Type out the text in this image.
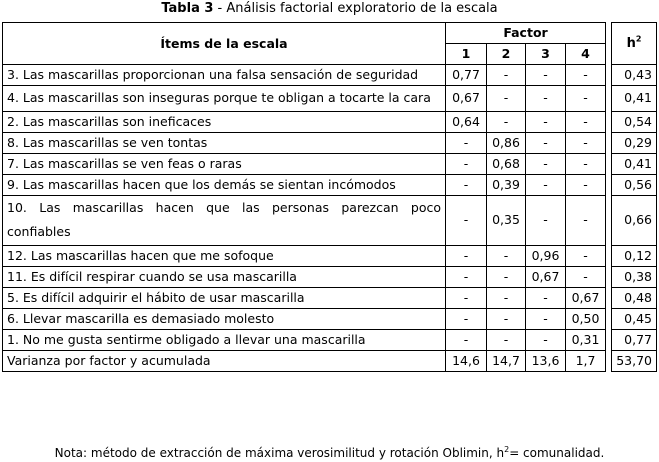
Tabla 3 - Análisis factorial exploratorio de la escala
Ítems de la escala	Factor					$h^2$
	1	2	3	4		
3. Las mascarillas proporcionan una falsa sensación de seguridad	0,77	-	-	-		0,43
4. Las mascarillas son inseguras porque te obligan a tocarte la cara	0,67	-	-	-		0,41
2. Las mascarillas son ineficaces	0,64	-	-	-		0,54
8. Las mascarillas se ven tontas	-	0,86	-	-		0,29
7. Las mascarillas se ven feas o raras	-	0,68	-	-		0,41
9. Las mascarillas hacen que los demás se sientan incómodos	-	0,39	-	-		0,56
10. Las mascarillas hacen que las personas parezcan poco confiables	-	0,35	-	-		0,66
12. Las mascarillas hacen que me sofoque	-	-	0,96	-		0,12
11. Es difícil respirar cuando se usa mascarilla	-	-	0,67	-		0,38
5. Es difícil adquirir el hábito de usar mascarilla	-	-	-	0,67		0,48
6. Llevar mascarilla es demasiado molesto	-	-	-	0,50		0,45
1. No me gusta sentirme obligado a llevar una mascarilla	-	-	-	0,31		0,77
Varianza por factor y acumulada	14,6	14,7	13,6	1,7		53,70
Nota: método de extracción de máxima verosimilitud y rotación Oblimin, $h^2=$ comunalidad.
